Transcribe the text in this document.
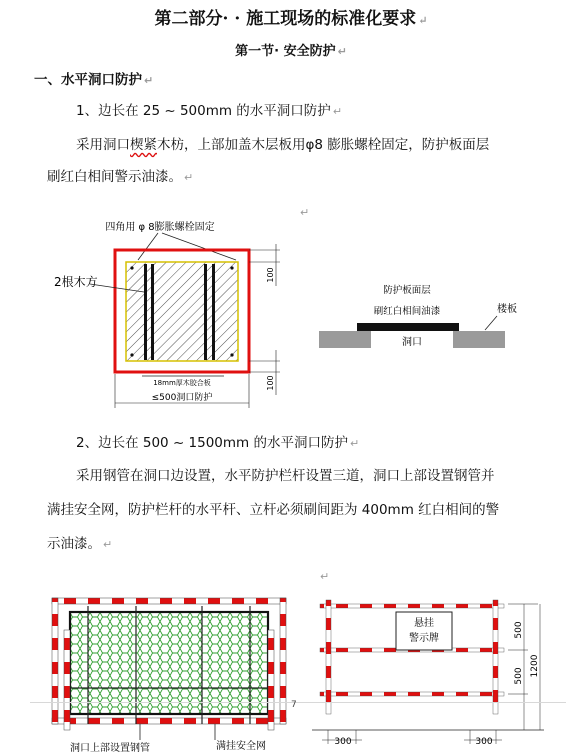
第二部分· · 施工现场的标准化要求 ↵
第一节· 安全防护 ↵
一、水平洞口防护 ↵
1、边长在 25 ~ 500mm 的水平洞口防护 ↵
采用洞口楔紧木枋，上部加盖木层板用φ8 膨胀螺栓固定，防护板面层
刷红白相间警示油漆。 ↵
四角用 φ 8膨胀螺栓固定
2根木方	100
100
18mm厚木胶合板
≤500洞口防护
↵
防护板面层
刷红白相间油漆	楼板
洞口
2、边长在 500 ~ 1500mm 的水平洞口防护 ↵
采用钢管在洞口边设置，水平防护栏杆设置三道，洞口上部设置钢管并
满挂安全网，防护栏杆的水平杆、立杆必须刷间距为 400mm 红白相间的警
示油漆。 ↵
↵
洞口上部设置钢管	满挂安全网
悬挂
警示牌	500
500 1200
300	300
7
